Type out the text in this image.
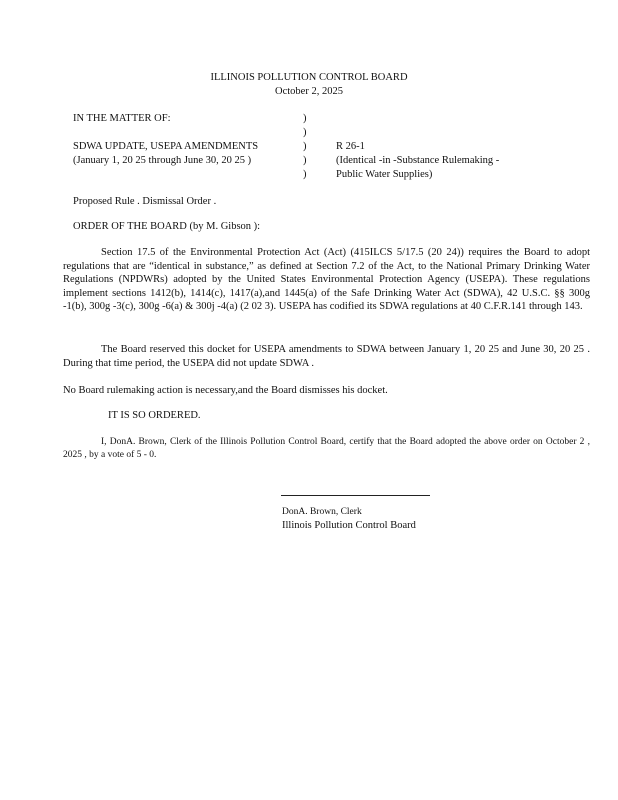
ILLINOIS POLLUTION CONTROL BOARD
October 2, 2025
IN THE MATTER OF:
SDWA UPDATE, USEPA AMENDMENTS
(January 1, 20 25 through June 30, 20 25 )
)
)
)
)
)
R 26-1
(Identical -in -Substance Rulemaking -
Public Water Supplies)
Proposed Rule . Dismissal Order .
ORDER OF THE BOARD (by M. Gibson ):

Section 17.5 of the Environmental Protection Act (Act) (415ILCS 5/17.5 (20 24)) requires the Board to adopt regulations that are “identical in substance,” as defined at Section 7.2 of the Act, to the National Primary Drinking Water Regulations (NPDWRs) adopted by the United States Environmental Protection Agency (USEPA). These regulations implement sections 1412(b), 1414(c), 1417(a),and 1445(a) of the Safe Drinking Water Act (SDWA), 42 U.S.C. §§ 300g -1(b), 300g -3(c), 300g -6(a) & 300j -4(a) (2 02 3). USEPA has codified its SDWA regulations at 40 C.F.R.141 through 143.

The Board reserved this docket for USEPA amendments to SDWA between January 1, 20 25 and June 30, 20 25 . During that time period, the USEPA did not update SDWA .

No Board rulemaking action is necessary,and the Board dismisses his docket.
IT IS SO ORDERED.

I, DonA. Brown, Clerk of the Illinois Pollution Control Board, certify that the Board adopted the above order on October 2 , 2025 , by a vote of 5 - 0.

DonA. Brown, Clerk
Illinois Pollution Control Board
